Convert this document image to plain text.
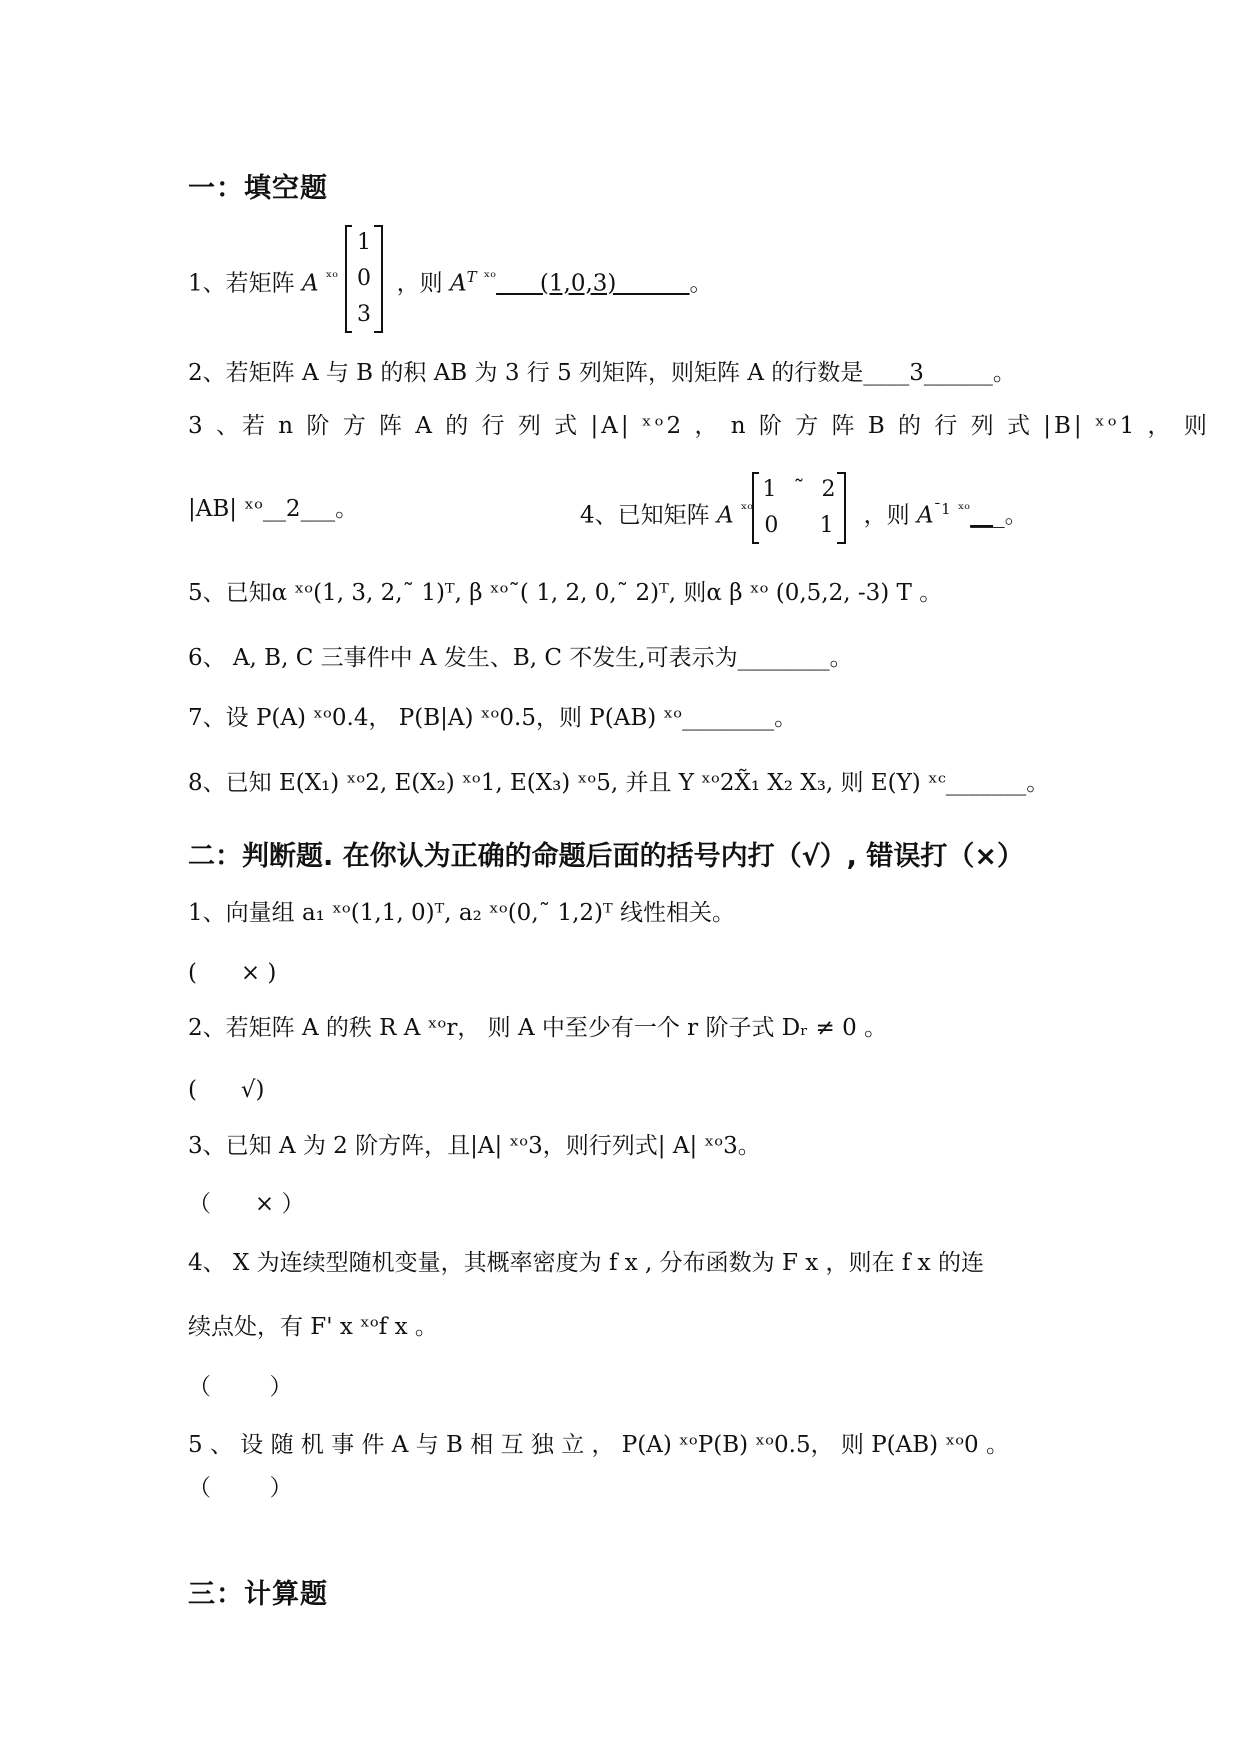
一：填空题
1、若矩阵 A $^{ˣᵒ}$	，则 $A^T$ $^{ˣᵒ}$      (1,0,3)          。
1
0
3
2、若矩阵 A 与 B 的积 AB 为 3 行 5 列矩阵，则矩阵 A 的行数是____3______。
3 、若 n 阶 方 阵 A 的 行 列 式 |A| ˣᵒ2 ， n 阶 方 阵 B 的 行 列 式 |B| ˣᵒ1 ， 则
|AB| ˣᵒ__2___。	4、已知矩阵 A $^{ˣᵒ}$	，则 $A^{ˉ1}$ $^{ˣᵒ}$___。
1 ˜ 2
0 1
5、已知α ˣᵒ(1, 3, 2,˜ 1)ᵀ, β ˣᵒ˜( 1, 2, 0,˜ 2)ᵀ, 则α β ˣᵒ (0,5,2, -3) T 。
6、 A, B, C 三事件中 A 发生、B, C 不发生,可表示为________。
7、设 P(A) ˣᵒ0.4， P(B|A) ˣᵒ0.5，则 P(AB) ˣᵒ________。
8、已知 E(X₁) ˣᵒ2, E(X₂) ˣᵒ1, E(X₃) ˣᵒ5, 并且 Y ˣᵒ2X̃₁ X₂ X₃, 则 E(Y) ˣᶜ_______。
二：判断题. 在你认为正确的命题后面的括号内打（√）, 错误打（×）
1、向量组 a₁ ˣᵒ(1,1, 0)ᵀ, a₂ ˣᵒ(0,˜ 1,2)ᵀ 线性相关。
(      × )
2、若矩阵 A 的秩 R A ˣᵒr， 则 A 中至少有一个 r 阶子式 Dᵣ ≠ 0 。
(      √)
3、已知 A 为 2 阶方阵，且|A| ˣᵒ3，则行列式| A| ˣᵒ3。
（      × ）
4、 X 为连续型随机变量，其概率密度为 f x , 分布函数为 F x ，则在 f x 的连
续点处，有 F' x ˣᵒf x 。
（        ）
5 、 设 随 机 事 件 A 与 B 相 互 独 立 ， P(A) ˣᵒP(B) ˣᵒ0.5， 则 P(AB) ˣᵒ0 。
（        ）
三：计算题
